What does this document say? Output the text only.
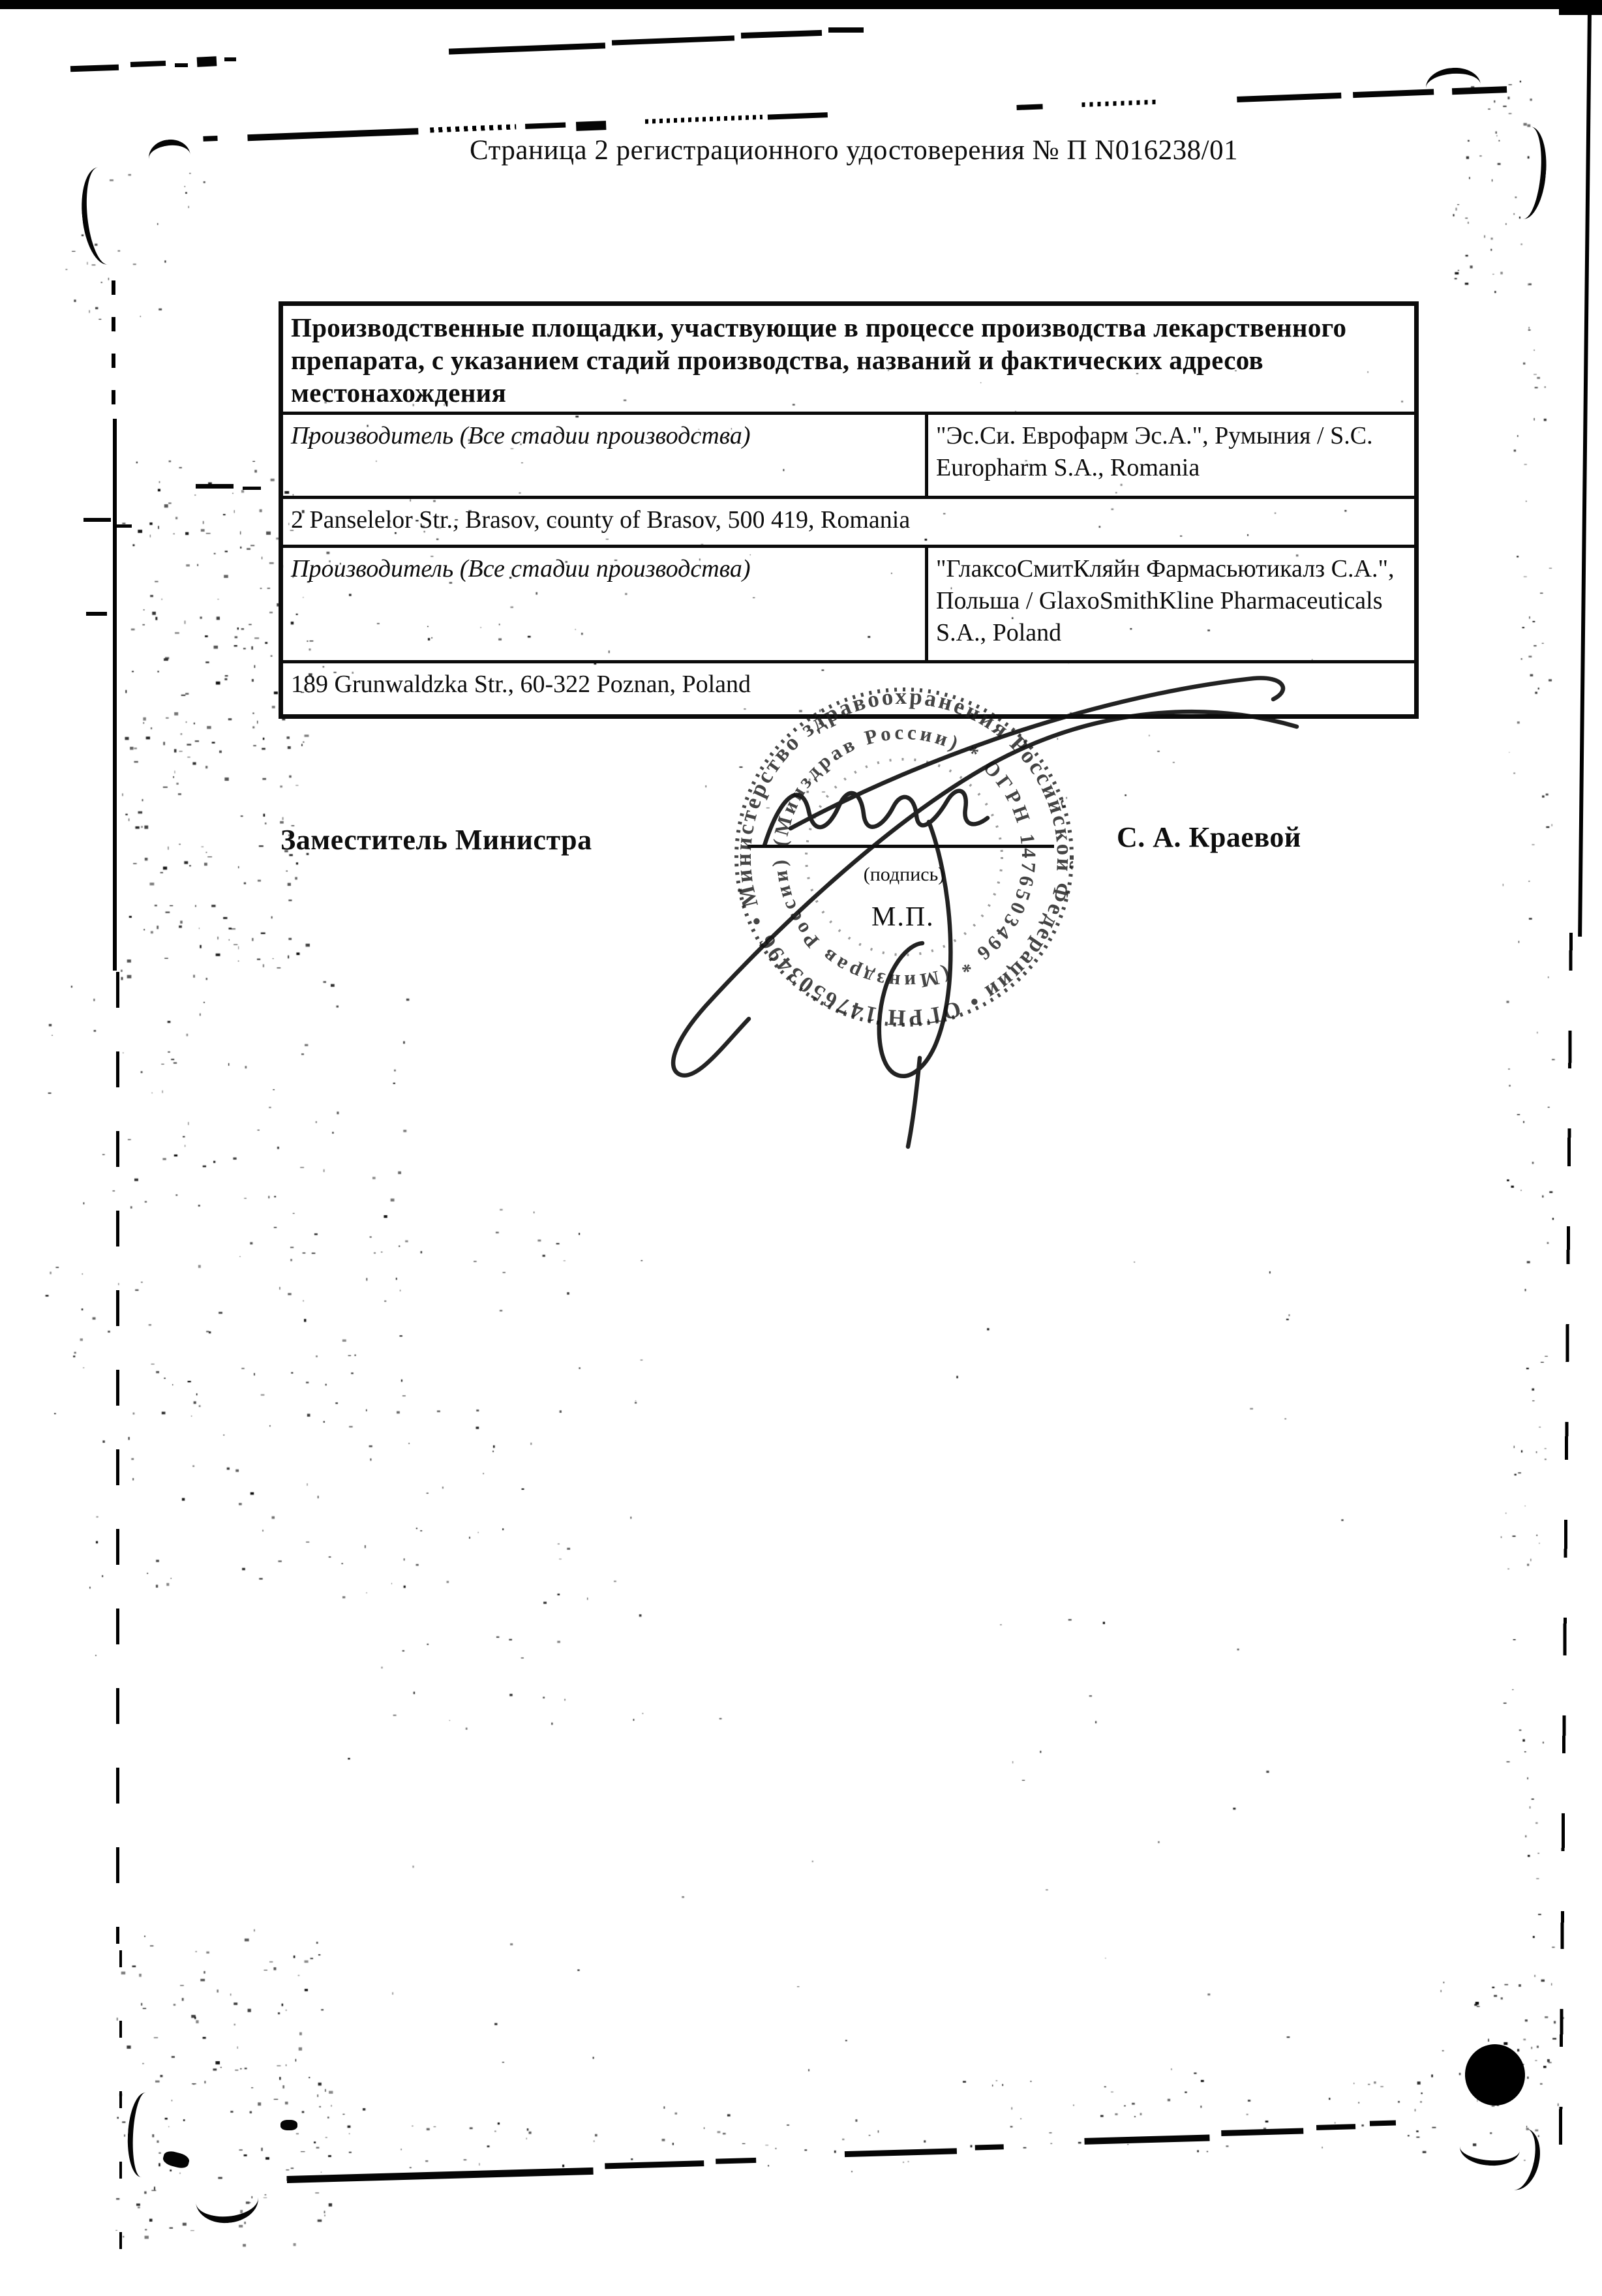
Страница 2 регистрационного удостоверения № П N016238/01
Производственные площадки, участвующие в процессе производства лекарственного препарата, с указанием стадий производства, названий и фактических адресов местонахождения	
Производитель (Все стадии производства)	"Эс.Си. Еврофарм Эс.А.", Румыния / S.C. Europharm S.A., Romania
2 Panselelor Str., Brasov, county of Brasov, 500 419, Romania	
Производитель (Все стадии производства)	"ГлаксоСмитКляйн Фармасьютикалз С.А.", Польша / GlaxoSmithKline Pharmaceuticals S.A., Poland
189 Grunwaldzka Str., 60-322 Poznan, Poland	
Заместитель Министра	С. А. Краевой
(подпись)
М.П.
• Министерство здравоохранения Российской Федерации • ОГРН 1476503496
(Минздрав России) * ОГРН 1476503496 * (Минздрав России)
